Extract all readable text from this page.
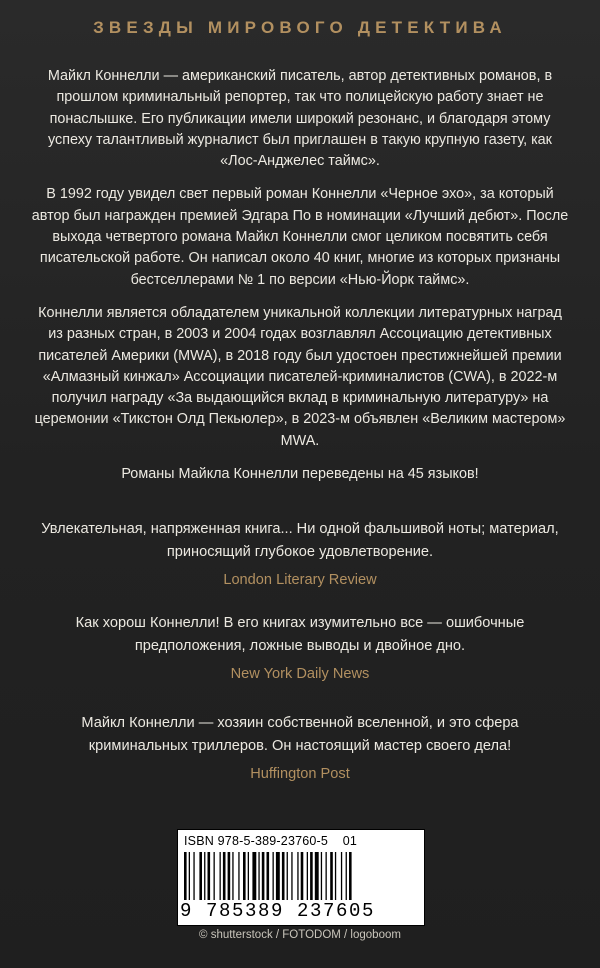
ЗВЕЗДЫ МИРОВОГО ДЕТЕКТИВА

Майкл Коннелли — американский писатель, автор детективных романов, в прошлом криминальный репортер, так что полицейскую работу знает не понаслышке. Его публикации имели широкий резонанс, и благодаря этому успеху талантливый журналист был приглашен в такую крупную газету, как «Лос-Анджелес таймс».

В 1992 году увидел свет первый роман Коннелли «Черное эхо», за который автор был награжден премией Эдгара По в номинации «Лучший дебют». После выхода четвертого романа Майкл Коннелли смог целиком посвятить себя писательской работе. Он написал около 40 книг, многие из которых признаны бестселлерами № 1 по версии «Нью-Йорк таймс».

Коннелли является обладателем уникальной коллекции литературных наград из разных стран, в 2003 и 2004 годах возглавлял Ассоциацию детективных писателей Америки (MWA), в 2018 году был удостоен престижнейшей премии «Алмазный кинжал» Ассоциации писателей-криминалистов (CWA), в 2022-м получил награду «За выдающийся вклад в криминальную литературу» на церемонии «Тикстон Олд Пекьюлер», в 2023-м объявлен «Великим мастером» MWA.

Романы Майкла Коннелли переведены на 45 языков!

Увлекательная, напряженная книга... Ни одной фальшивой ноты; материал, приносящий глубокое удовлетворение.

London Literary Review

Как хорош Коннелли! В его книгах изумительно все — ошибочные предположения, ложные выводы и двойное дно.

New York Daily News

Майкл Коннелли — хозяин собственной вселенной, и это сфера криминальных триллеров. Он настоящий мастер своего дела!

Huffington Post
ISBN 978-5-389-23760-5    01
9 785389 237605
© shutterstock / FOTODOM / logoboom
